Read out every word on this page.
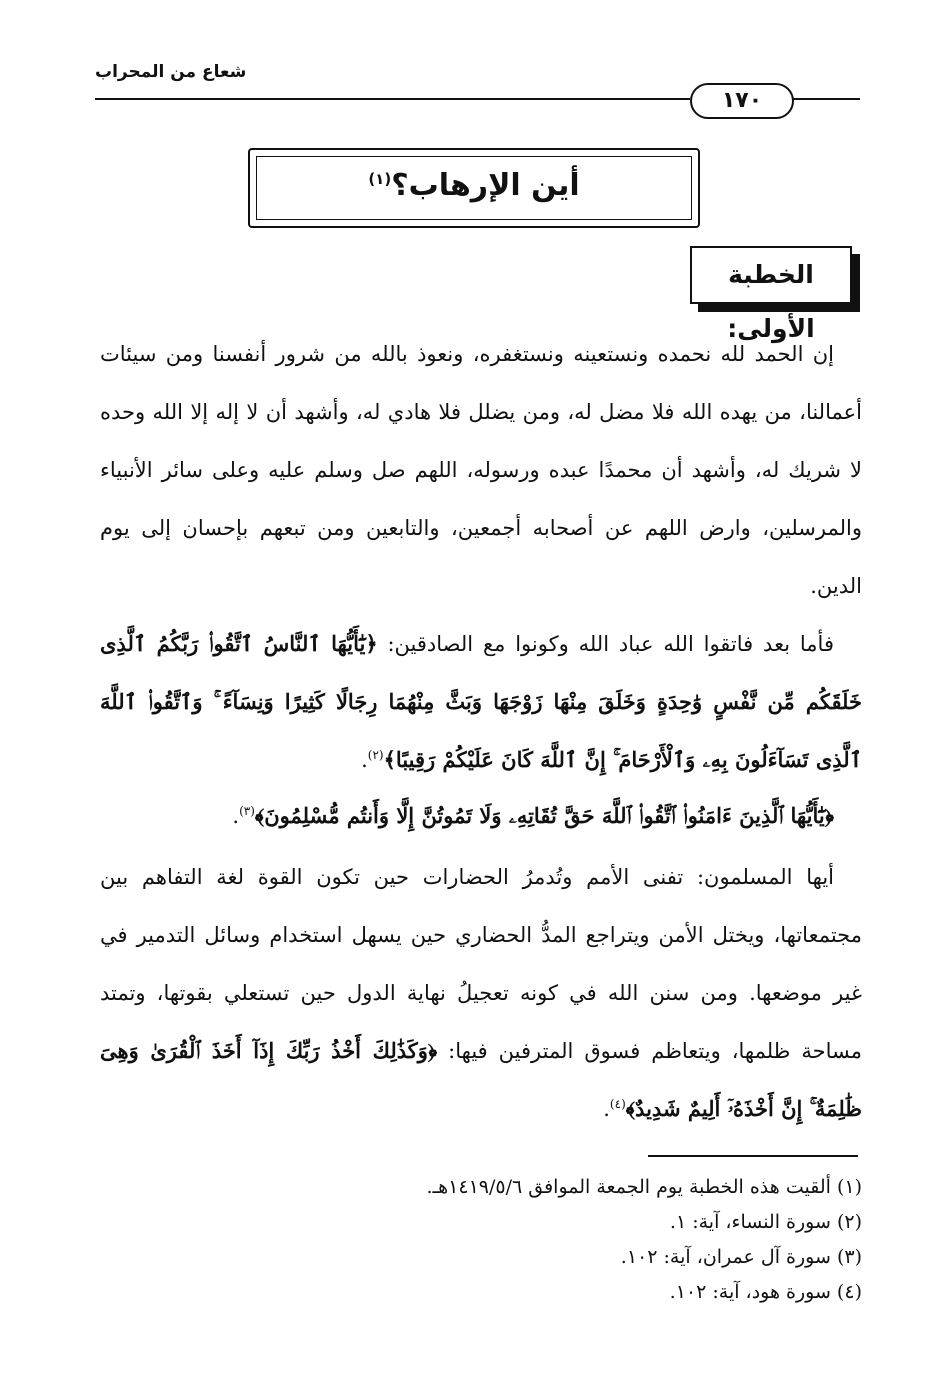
شعاع من المحراب
١٧٠
أين الإرهاب؟$^{(١)}$
الخطبة الأولى:
إن الحمد لله نحمده ونستعينه ونستغفره، ونعوذ بالله من شرور أنفسنا ومن سيئات أعمالنا، من يهده الله فلا مضل له، ومن يضلل فلا هادي له، وأشهد أن لا إله إلا الله وحده لا شريك له، وأشهد أن محمدًا عبده ورسوله، اللهم صل وسلم عليه وعلى سائر الأنبياء والمرسلين، وارض اللهم عن أصحابه أجمعين، والتابعين ومن تبعهم بإحسان إلى يوم الدين.
فأما بعد فاتقوا الله عباد الله وكونوا مع الصادقين: ﴿يَٰٓأَيُّهَا ٱلنَّاسُ ٱتَّقُوا۟ رَبَّكُمُ ٱلَّذِى خَلَقَكُم مِّن نَّفْسٍ وَٰحِدَةٍ وَخَلَقَ مِنْهَا زَوْجَهَا وَبَثَّ مِنْهُمَا رِجَالًا كَثِيرًا وَنِسَآءً ۚ وَٱتَّقُوا۟ ٱللَّهَ ٱلَّذِى تَسَآءَلُونَ بِهِۦ وَٱلْأَرْحَامَ ۚ إِنَّ ٱللَّهَ كَانَ عَلَيْكُمْ رَقِيبًا﴾$^{(٢)}$.
﴿يَٰٓأَيُّهَا ٱلَّذِينَ ءَامَنُوا۟ ٱتَّقُوا۟ ٱللَّهَ حَقَّ تُقَاتِهِۦ وَلَا تَمُوتُنَّ إِلَّا وَأَنتُم مُّسْلِمُونَ﴾$^{(٣)}$.
أيها المسلمون: تفنى الأمم وتُدمرُ الحضارات حين تكون القوة لغة التفاهم بين مجتمعاتها، ويختل الأمن ويتراجع المدُّ الحضاري حين يسهل استخدام وسائل التدمير في غير موضعها. ومن سنن الله في كونه تعجيلُ نهاية الدول حين تستعلي بقوتها، وتمتد مساحة ظلمها، ويتعاظم فسوق المترفين فيها: ﴿وَكَذَٰلِكَ أَخْذُ رَبِّكَ إِذَآ أَخَذَ ٱلْقُرَىٰ وَهِىَ ظَٰلِمَةٌ ۚ إِنَّ أَخْذَهُۥٓ أَلِيمٌ شَدِيدٌ﴾$^{(٤)}$.
(١) ألقيت هذه الخطبة يوم الجمعة الموافق ١٤١٩/٥/٦هـ.
(٢) سورة النساء، آية: ١.
(٣) سورة آل عمران، آية: ١٠٢.
(٤) سورة هود، آية: ١٠٢.
